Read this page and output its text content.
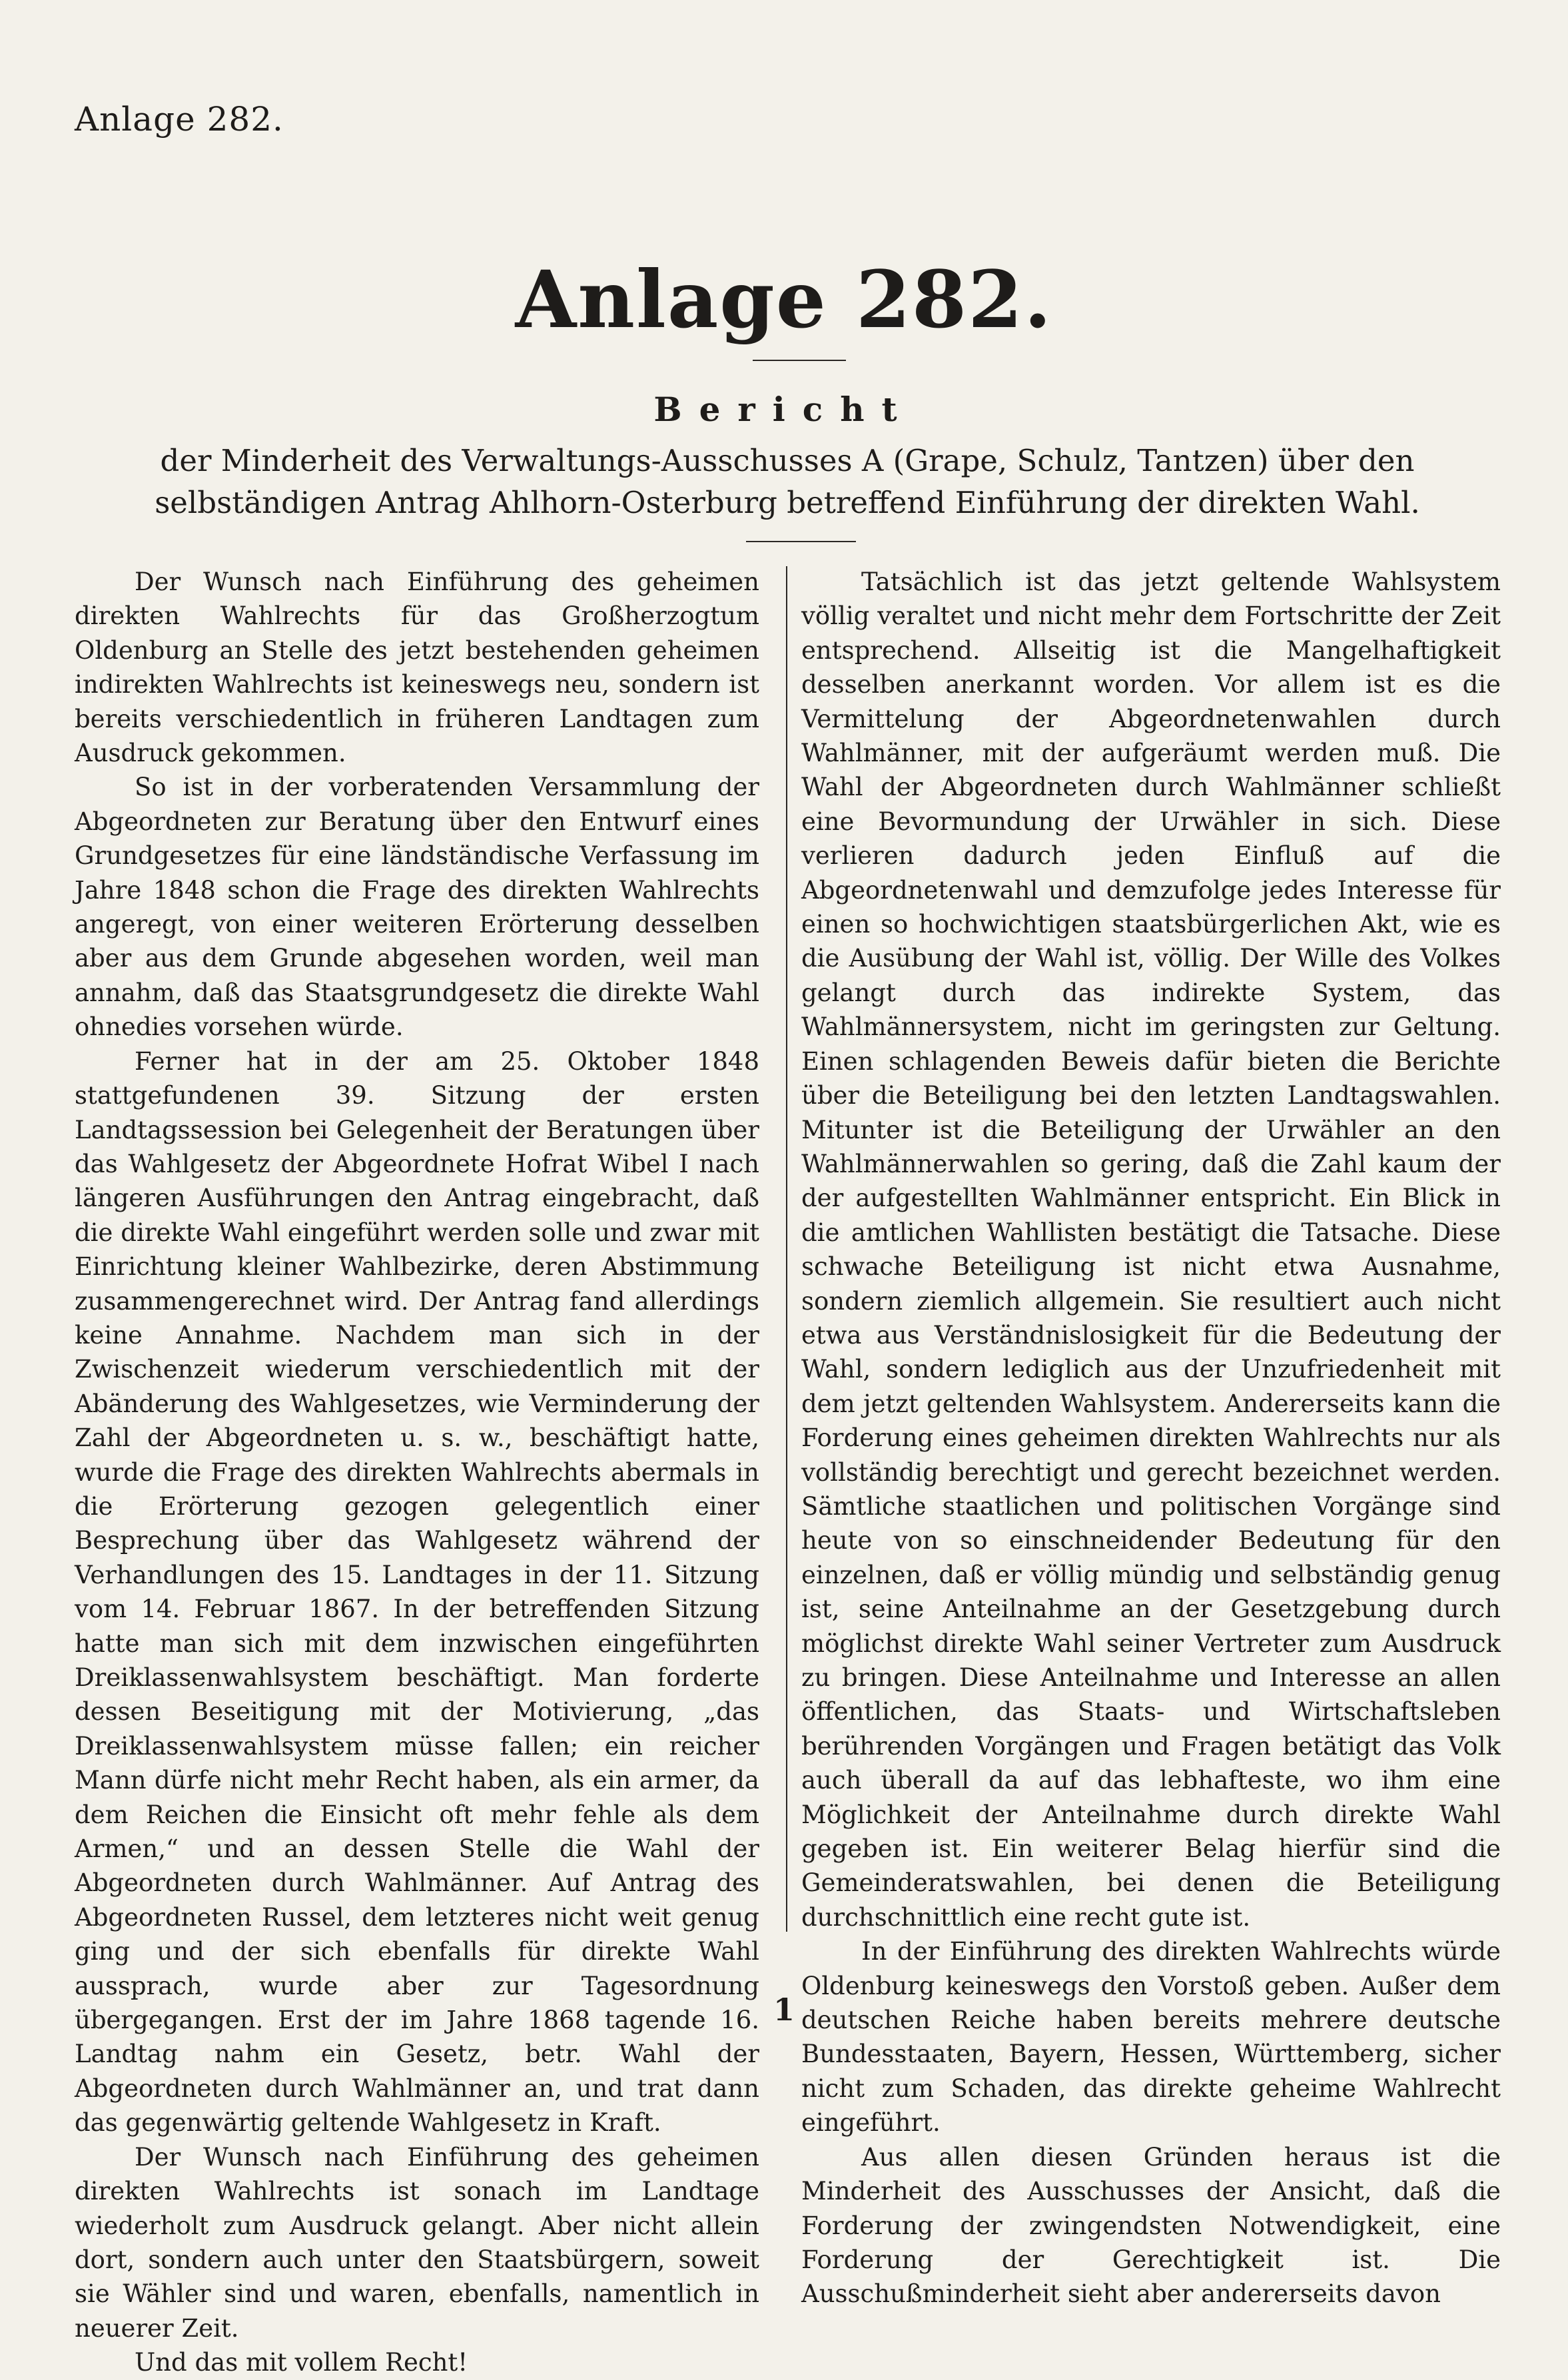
Anlage 282.
Anlage 282.
Bericht
der Minderheit des Verwaltungs-Ausschusses A (Grape, Schulz, Tantzen) über den selbständigen Antrag Ahlhorn-Osterburg betreffend Einführung der direkten Wahl.

Der Wunsch nach Einführung des geheimen direkten Wahlrechts für das Großherzogtum Oldenburg an Stelle des jetzt bestehenden geheimen indirekten Wahlrechts ist keineswegs neu, sondern ist bereits verschiedentlich in früheren Landtagen zum Ausdruck gekommen.

So ist in der vorberatenden Versammlung der Abgeordneten zur Beratung über den Entwurf eines Grundgesetzes für eine ländständische Verfassung im Jahre 1848 schon die Frage des direkten Wahlrechts angeregt, von einer weiteren Erörterung desselben aber aus dem Grunde abgesehen worden, weil man annahm, daß das Staatsgrundgesetz die direkte Wahl ohnedies vorsehen würde.

Ferner hat in der am 25. Oktober 1848 stattgefundenen 39. Sitzung der ersten Landtagssession bei Gelegenheit der Beratungen über das Wahlgesetz der Abgeordnete Hofrat Wibel I nach längeren Ausführungen den Antrag eingebracht, daß die direkte Wahl eingeführt werden solle und zwar mit Einrichtung kleiner Wahlbezirke, deren Abstimmung zusammengerechnet wird. Der Antrag fand allerdings keine Annahme. Nachdem man sich in der Zwischenzeit wiederum verschiedentlich mit der Abänderung des Wahlgesetzes, wie Verminderung der Zahl der Abgeordneten u. s. w., beschäftigt hatte, wurde die Frage des direkten Wahlrechts abermals in die Erörterung gezogen gelegentlich einer Besprechung über das Wahlgesetz während der Verhandlungen des 15. Landtages in der 11. Sitzung vom 14. Februar 1867. In der betreffenden Sitzung hatte man sich mit dem inzwischen eingeführten Dreiklassenwahlsystem beschäftigt. Man forderte dessen Beseitigung mit der Motivierung, „das Dreiklassenwahlsystem müsse fallen; ein reicher Mann dürfe nicht mehr Recht haben, als ein armer, da dem Reichen die Einsicht oft mehr fehle als dem Armen,“ und an dessen Stelle die Wahl der Abgeordneten durch Wahlmänner. Auf Antrag des Abgeordneten Russel, dem letzteres nicht weit genug ging und der sich ebenfalls für direkte Wahl aussprach, wurde aber zur Tagesordnung übergegangen. Erst der im Jahre 1868 tagende 16. Landtag nahm ein Gesetz, betr. Wahl der Abgeordneten durch Wahlmänner an, und trat dann das gegenwärtig geltende Wahlgesetz in Kraft.

Der Wunsch nach Einführung des geheimen direkten Wahlrechts ist sonach im Landtage wiederholt zum Ausdruck gelangt. Aber nicht allein dort, sondern auch unter den Staatsbürgern, soweit sie Wähler sind und waren, ebenfalls, namentlich in neuerer Zeit.

Und das mit vollem Recht!

Tatsächlich ist das jetzt geltende Wahlsystem völlig veraltet und nicht mehr dem Fortschritte der Zeit entsprechend. Allseitig ist die Mangelhaftigkeit desselben anerkannt worden. Vor allem ist es die Vermittelung der Abgeordnetenwahlen durch Wahlmänner, mit der aufgeräumt werden muß. Die Wahl der Abgeordneten durch Wahlmänner schließt eine Bevormundung der Urwähler in sich. Diese verlieren dadurch jeden Einfluß auf die Abgeordnetenwahl und demzufolge jedes Interesse für einen so hochwichtigen staatsbürgerlichen Akt, wie es die Ausübung der Wahl ist, völlig. Der Wille des Volkes gelangt durch das indirekte System, das Wahlmännersystem, nicht im geringsten zur Geltung. Einen schlagenden Beweis dafür bieten die Berichte über die Beteiligung bei den letzten Landtagswahlen. Mitunter ist die Beteiligung der Urwähler an den Wahlmännerwahlen so gering, daß die Zahl kaum der der aufgestellten Wahlmänner entspricht. Ein Blick in die amtlichen Wahllisten bestätigt die Tatsache. Diese schwache Beteiligung ist nicht etwa Ausnahme, sondern ziemlich allgemein. Sie resultiert auch nicht etwa aus Verständnislosigkeit für die Bedeutung der Wahl, sondern lediglich aus der Unzufriedenheit mit dem jetzt geltenden Wahlsystem. Andererseits kann die Forderung eines geheimen direkten Wahlrechts nur als vollständig berechtigt und gerecht bezeichnet werden. Sämtliche staatlichen und politischen Vorgänge sind heute von so einschneidender Bedeutung für den einzelnen, daß er völlig mündig und selbständig genug ist, seine Anteilnahme an der Gesetzgebung durch möglichst direkte Wahl seiner Vertreter zum Ausdruck zu bringen. Diese Anteilnahme und Interesse an allen öffentlichen, das Staats- und Wirtschaftsleben berührenden Vorgängen und Fragen betätigt das Volk auch überall da auf das lebhafteste, wo ihm eine Möglichkeit der Anteilnahme durch direkte Wahl gegeben ist. Ein weiterer Belag hierfür sind die Gemeinderatswahlen, bei denen die Beteiligung durchschnittlich eine recht gute ist.

In der Einführung des direkten Wahlrechts würde Oldenburg keineswegs den Vorstoß geben. Außer dem deutschen Reiche haben bereits mehrere deutsche Bundesstaaten, Bayern, Hessen, Württemberg, sicher nicht zum Schaden, das direkte geheime Wahlrecht eingeführt.

Aus allen diesen Gründen heraus ist die Minderheit des Ausschusses der Ansicht, daß die Forderung der zwingendsten Notwendigkeit, eine Forderung der Gerechtigkeit ist. Die Ausschußminderheit sieht aber andererseits davon

1
